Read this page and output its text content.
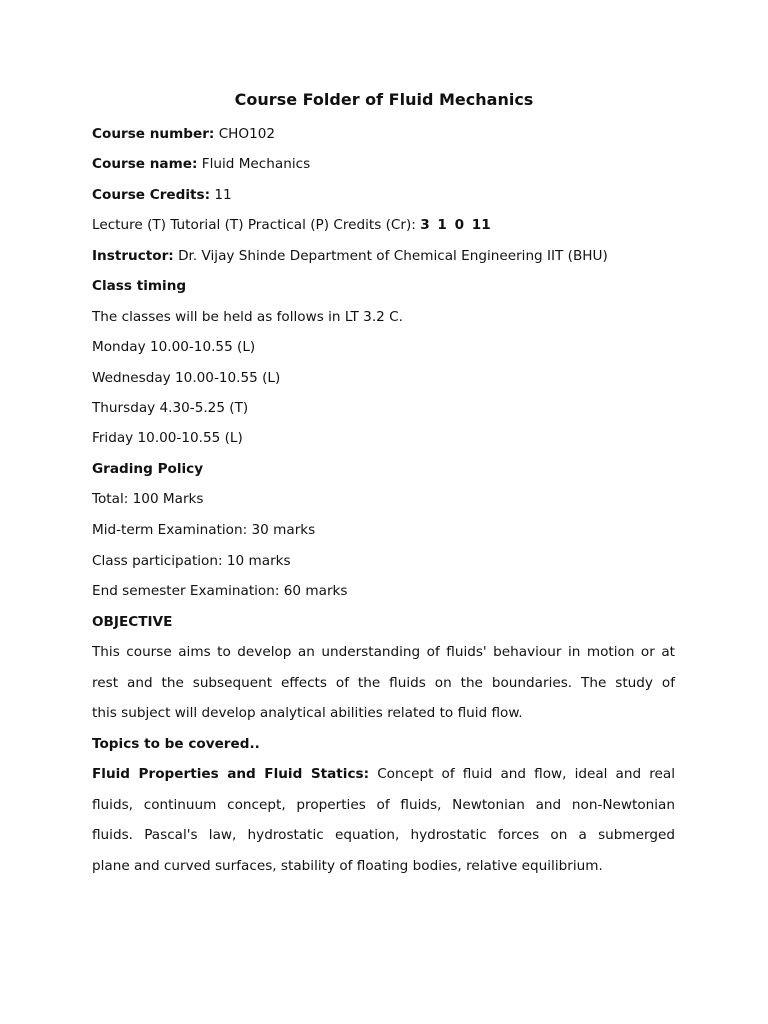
Course Folder of Fluid Mechanics
Course number: CHO102
Course name: Fluid Mechanics
Course Credits: 11
Lecture (T) Tutorial (T) Practical (P) Credits (Cr): 3 1 0 11
Instructor: Dr. Vijay Shinde Department of Chemical Engineering IIT (BHU)
Class timing
The classes will be held as follows in LT 3.2 C.
Monday 10.00-10.55 (L)
Wednesday 10.00-10.55 (L)
Thursday 4.30-5.25 (T)
Friday 10.00-10.55 (L)
Grading Policy
Total: 100 Marks
Mid-term Examination: 30 marks
Class participation: 10 marks
End semester Examination: 60 marks
OBJECTIVE
This course aims to develop an understanding of fluids' behaviour in motion or at
rest and the subsequent effects of the fluids on the boundaries. The study of
this subject will develop analytical abilities related to fluid flow.
Topics to be covered..
Fluid Properties and Fluid Statics: Concept of fluid and flow, ideal and real
fluids, continuum concept, properties of fluids, Newtonian and non-Newtonian
fluids. Pascal's law, hydrostatic equation, hydrostatic forces on a submerged
plane and curved surfaces, stability of floating bodies, relative equilibrium.
